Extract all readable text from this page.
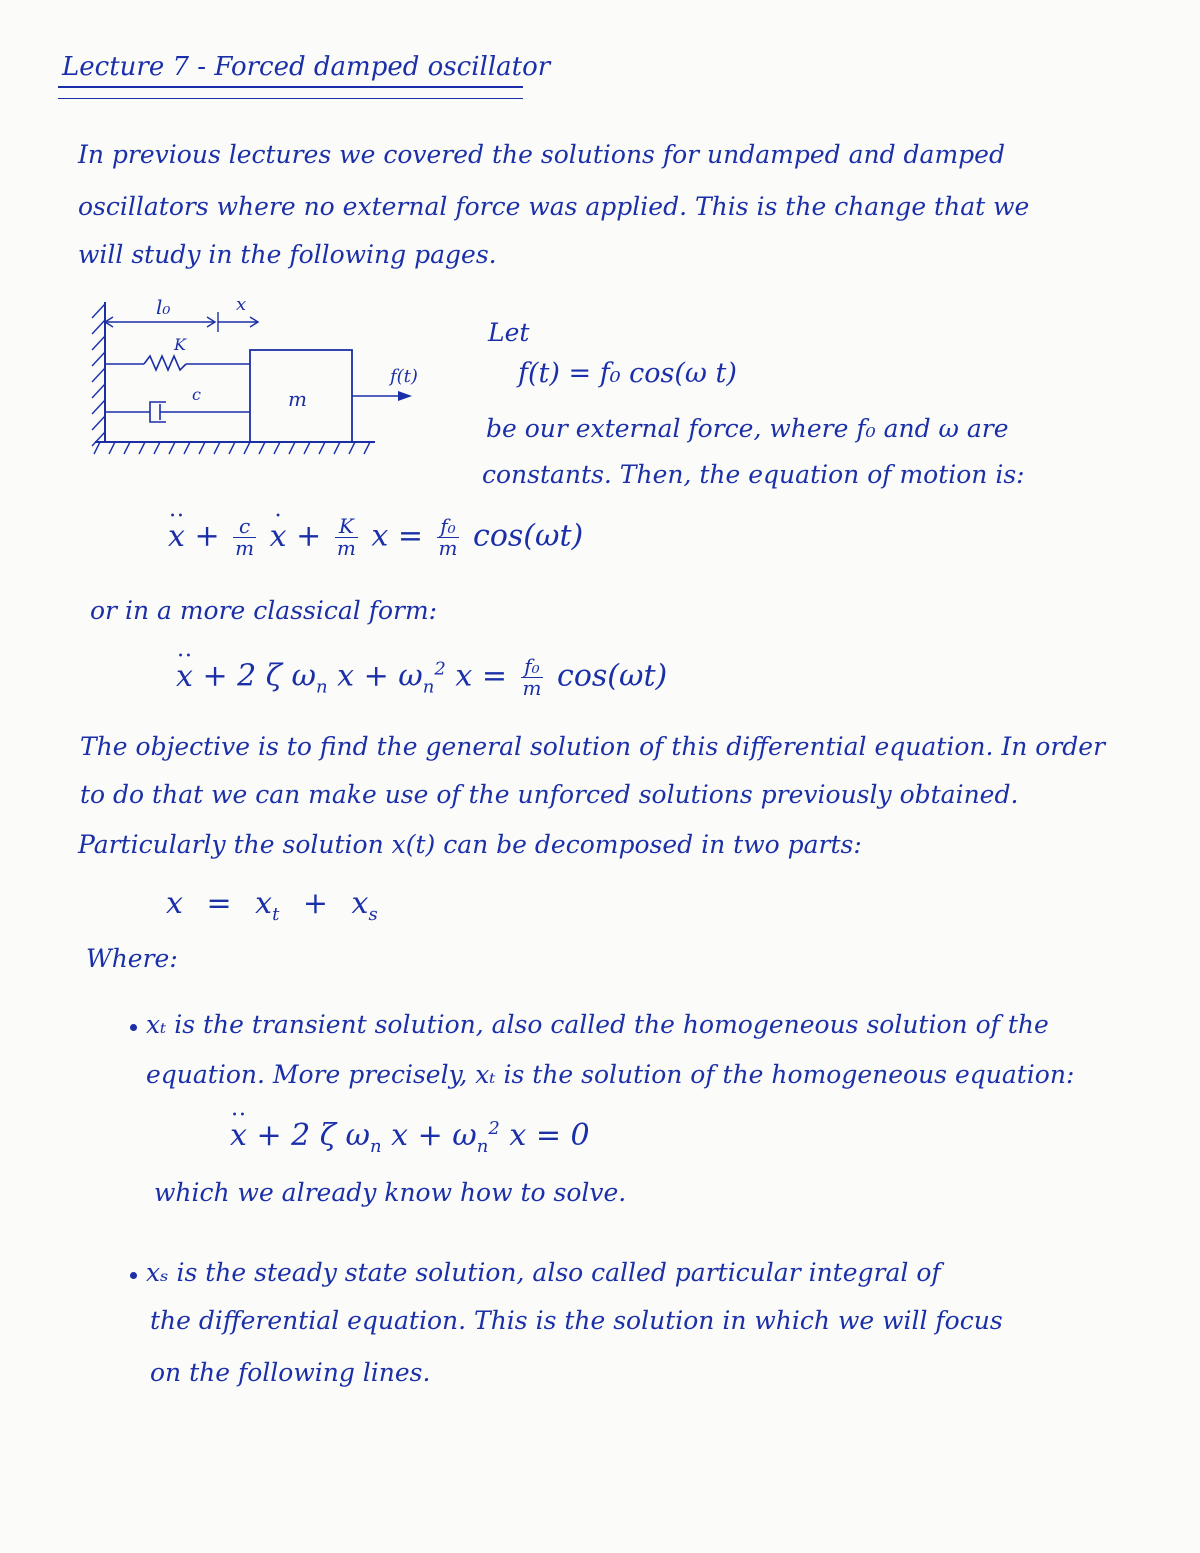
Lecture 7 - Forced damped oscillator
In previous lectures we covered the solutions for undamped and damped
oscillators where no external force was applied. This is the change that we
will study in the following pages.
l₀	x
K
c	m
f(t)
Let
f(t) = f₀ cos(ω t)
be our external force, where f₀ and ω are
constants. Then, the equation of motion is:
• • $x + \frac{c}{m}$
• $x + \frac{K}{m}$ $x = \frac{\text{f₀}}{m} \cos(\omega t)$
or in a more classical form:
• • x + 2 ζ $\omega_n$ $x + \omega_n^2$ $x = \frac{\text{f₀}}{m} \cos(\omega t)$
The objective is to find the general solution of this differential equation. In order
to do that we can make use of the unforced solutions previously obtained.
Particularly the solution x(t) can be decomposed in two parts:
$x = x_t + x_s$
Where:
xₜ is the transient solution, also called the homogeneous solution of the
equation. More precisely, xₜ is the solution of the homogeneous equation:
• • x + 2 ζ $\omega_n$ $x + \omega_n^2$ x = 0
which we already know how to solve.
xₛ is the steady state solution, also called particular integral of
the differential equation. This is the solution in which we will focus
on the following lines.
